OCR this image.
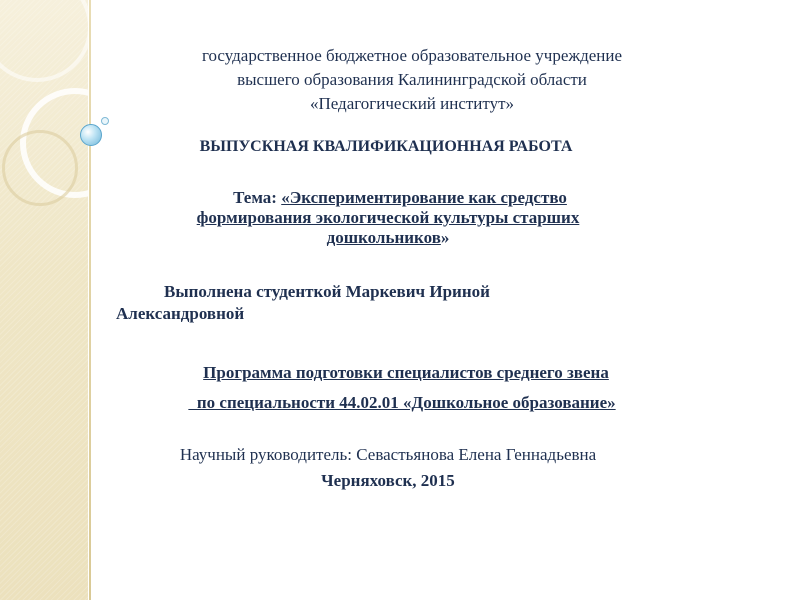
государственное бюджетное образовательное учреждение

высшего образования Калининградской области

«Педагогический институт»

ВЫПУСКНАЯ КВАЛИФИКАЦИОННАЯ РАБОТА

Тема: «Экспериментирование как средство

формирования экологической культуры старших

дошкольников»

Выполнена студенткой Маркевич Ириной

Александровной

Программа подготовки специалистов среднего звена

по специальности 44.02.01 «Дошкольное образование»

Научный руководитель: Севастьянова Елена Геннадьевна

Черняховск, 2015
